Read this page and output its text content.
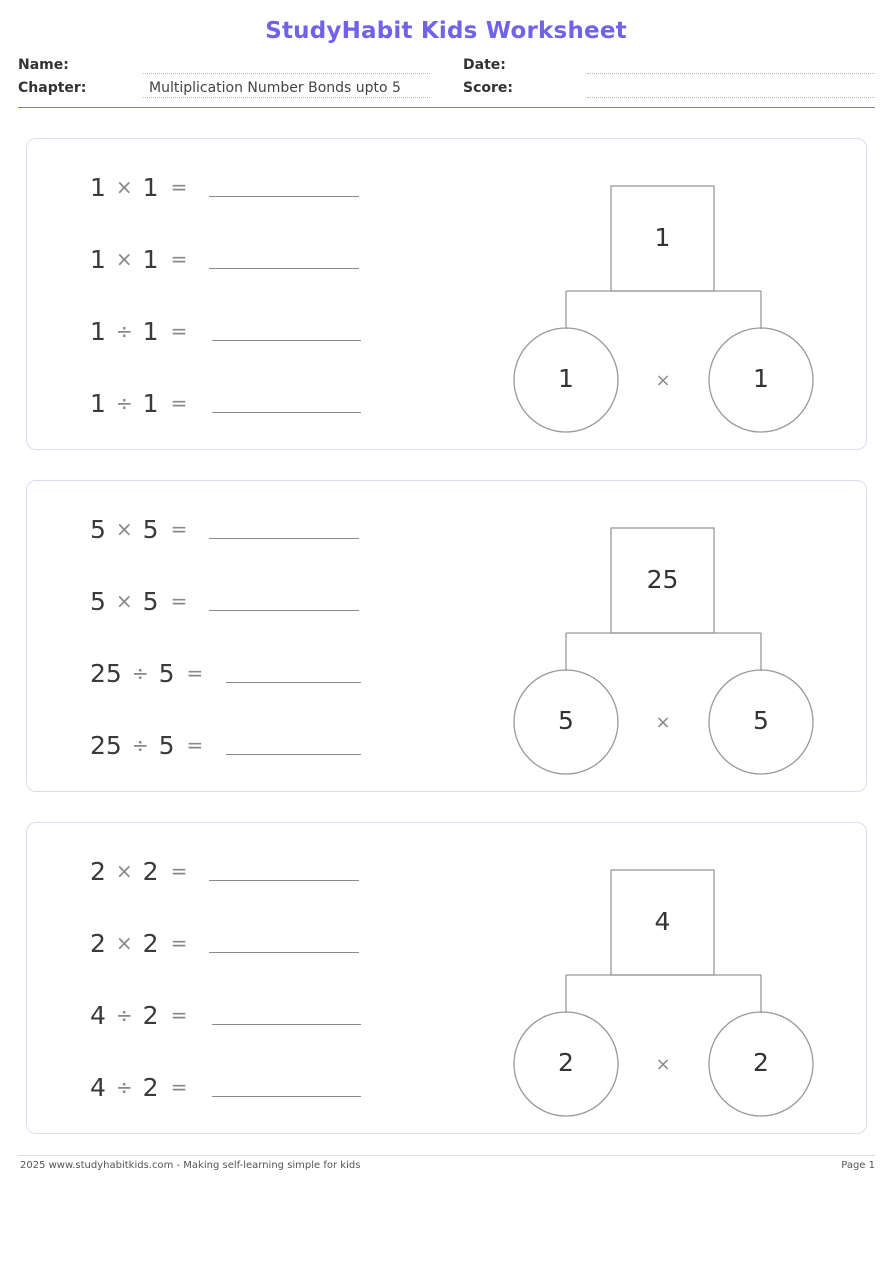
StudyHabit Kids Worksheet
Name:
Chapter:	Multiplication Number Bonds upto 5
Date:
Score:
1 × 1 =
1 × 1 =
1 ÷ 1 =
1 ÷ 1 =
1
1	1
×
5 × 5 =
5 × 5 =
25 ÷ 5 =
25 ÷ 5 =
25
5	5
×
2 × 2 =
2 × 2 =
4 ÷ 2 =
4 ÷ 2 =
4
2	2
×
2025 www.studyhabitkids.com - Making self-learning simple for kids	Page 1
